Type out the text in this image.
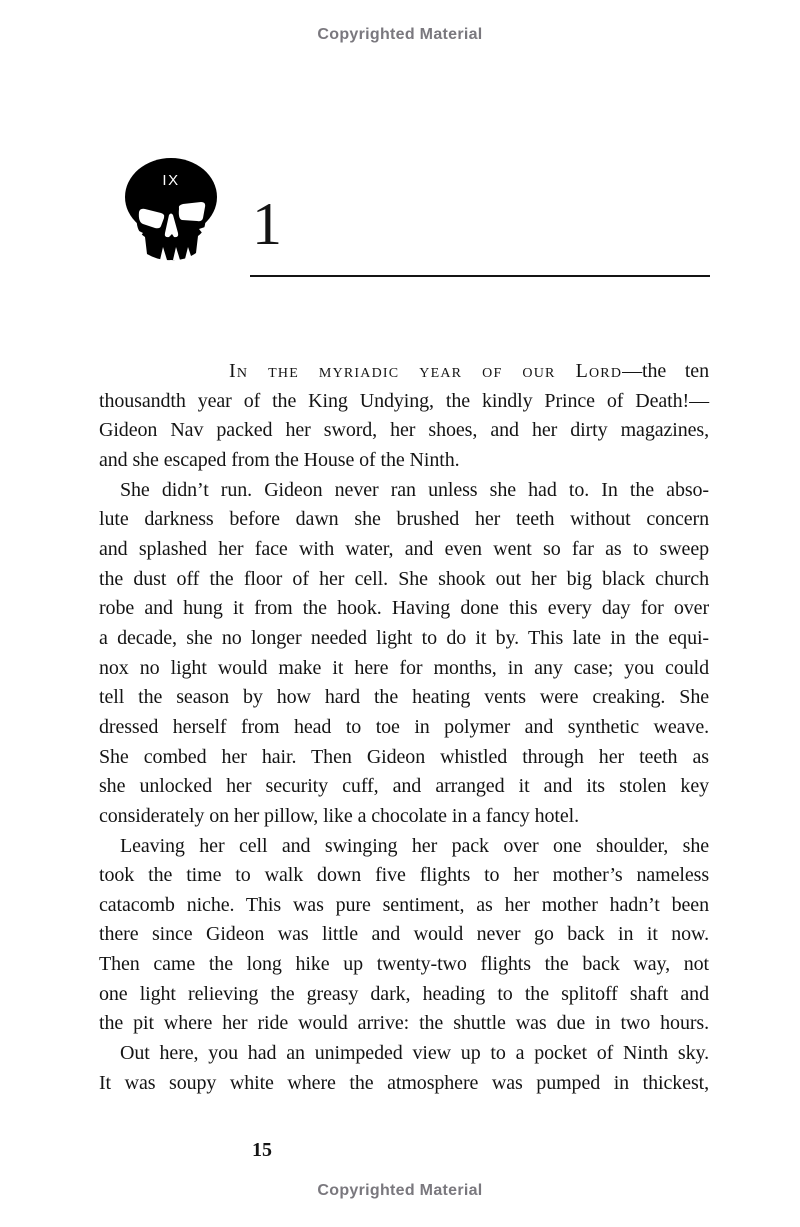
Copyrighted Material
IX
1
In the myriadic year of our Lord—the ten
thousandth year of the King Undying, the kindly Prince of Death!—
Gideon Nav packed her sword, her shoes, and her dirty magazines,
and she escaped from the House of the Ninth.
She didn’t run. Gideon never ran unless she had to. In the abso-
lute darkness before dawn she brushed her teeth without concern
and splashed her face with water, and even went so far as to sweep
the dust off the floor of her cell. She shook out her big black church
robe and hung it from the hook. Having done this every day for over
a decade, she no longer needed light to do it by. This late in the equi-
nox no light would make it here for months, in any case; you could
tell the season by how hard the heating vents were creaking. She
dressed herself from head to toe in polymer and synthetic weave.
She combed her hair. Then Gideon whistled through her teeth as
she unlocked her security cuff, and arranged it and its stolen key
considerately on her pillow, like a chocolate in a fancy hotel.
Leaving her cell and swinging her pack over one shoulder, she
took the time to walk down five flights to her mother’s nameless
catacomb niche. This was pure sentiment, as her mother hadn’t been
there since Gideon was little and would never go back in it now.
Then came the long hike up twenty-two flights the back way, not
one light relieving the greasy dark, heading to the splitoff shaft and
the pit where her ride would arrive: the shuttle was due in two hours.
Out here, you had an unimpeded view up to a pocket of Ninth sky.
It was soupy white where the atmosphere was pumped in thickest,
15
Copyrighted Material
